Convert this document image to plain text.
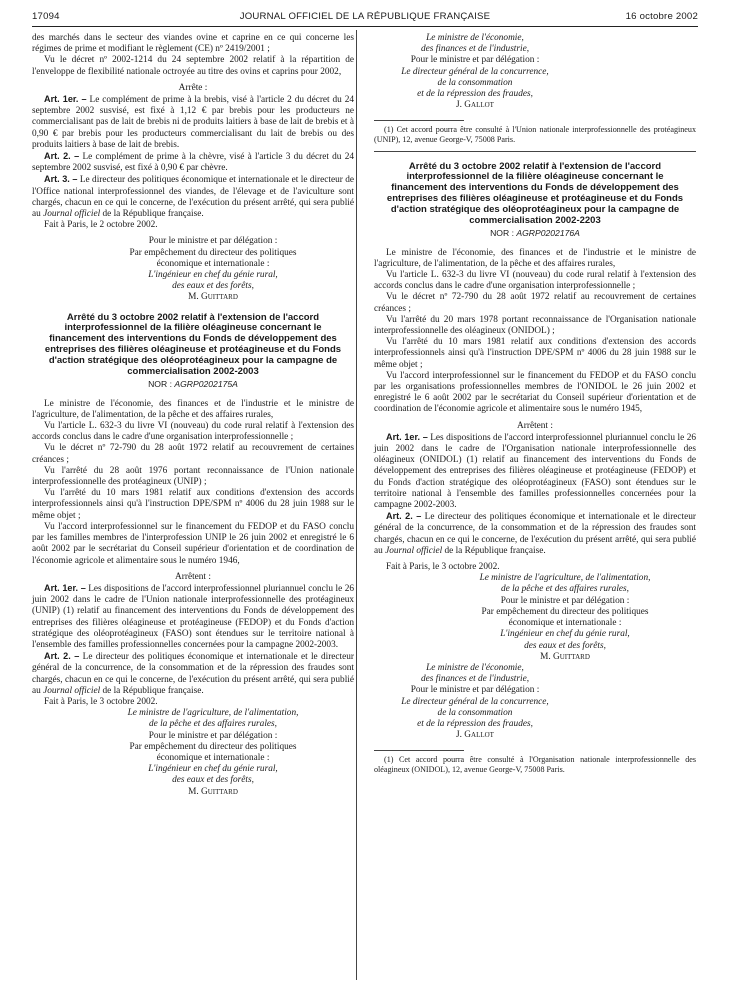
17094	JOURNAL OFFICIEL DE LA RÉPUBLIQUE FRANÇAISE	16 octobre 2002

des marchés dans le secteur des viandes ovine et caprine en ce qui concerne les régimes de prime et modifiant le règlement (CE) nº 2419/2001 ;

Vu le décret nº 2002-1214 du 24 septembre 2002 relatif à la répartition de l'enveloppe de flexibilité nationale octroyée au titre des ovins et caprins pour 2002,

Arrête :

Art. 1er. – Le complément de prime à la brebis, visé à l'article 2 du décret du 24 septembre 2002 susvisé, est fixé à 1,12 € par brebis pour les producteurs ne commercialisant pas de lait de brebis ni de produits laitiers à base de lait de brebis et à 0,90 € par brebis pour les producteurs commercialisant du lait de brebis ou des produits laitiers à base de lait de brebis.

Art. 2. – Le complément de prime à la chèvre, visé à l'article 3 du décret du 24 septembre 2002 susvisé, est fixé à 0,90 € par chèvre.

Art. 3. – Le directeur des politiques économique et internationale et le directeur de l'Office national interprofessionnel des viandes, de l'élevage et de l'aviculture sont chargés, chacun en ce qui le concerne, de l'exécution du présent arrêté, qui sera publié au Journal officiel de la République française.

Fait à Paris, le 2 octobre 2002.

Pour le ministre et par délégation :
Par empêchement du directeur des politiques
économique et internationale :
L'ingénieur en chef du génie rural,
des eaux et des forêts,
M. Guittard
Arrêté du 3 octobre 2002 relatif à l'extension de l'accord interprofessionnel de la filière oléagineuse concernant le financement des interventions du Fonds de développement des entreprises des filières oléagineuse et protéagineuse et du Fonds d'action stratégique des oléoprotéagineux pour la campagne de commercialisation 2002-2003
NOR : AGRP0202175A

Le ministre de l'économie, des finances et de l'industrie et le ministre de l'agriculture, de l'alimentation, de la pêche et des affaires rurales,

Vu l'article L. 632-3 du livre VI (nouveau) du code rural relatif à l'extension des accords conclus dans le cadre d'une organisation interprofessionnelle ;

Vu le décret nº 72-790 du 28 août 1972 relatif au recouvrement de certaines créances ;

Vu l'arrêté du 28 août 1976 portant reconnaissance de l'Union nationale interprofessionnelle des protéagineux (UNIP) ;

Vu l'arrêté du 10 mars 1981 relatif aux conditions d'extension des accords interprofessionnels ainsi qu'à l'instruction DPE/SPM nº 4006 du 28 juin 1988 sur le même objet ;

Vu l'accord interprofessionnel sur le financement du FEDOP et du FASO conclu par les familles membres de l'interprofession UNIP le 26 juin 2002 et enregistré le 6 août 2002 par le secrétariat du Conseil supérieur d'orientation et de coordination de l'économie agricole et alimentaire sous le numéro 1946,

Arrêtent :

Art. 1er. – Les dispositions de l'accord interprofessionnel pluriannuel conclu le 26 juin 2002 dans le cadre de l'Union nationale interprofessionnelle des protéagineux (UNIP) (1) relatif au financement des interventions du Fonds de développement des entreprises des filières oléagineuse et protéagineuse (FEDOP) et du Fonds d'action stratégique des oléoprotéagineux (FASO) sont étendues sur le territoire national à l'ensemble des familles professionnelles concernées pour la campagne 2002-2003.

Art. 2. – Le directeur des politiques économique et internationale et le directeur général de la concurrence, de la consommation et de la répression des fraudes sont chargés, chacun en ce qui le concerne, de l'exécution du présent arrêté, qui sera publié au Journal officiel de la République française.

Fait à Paris, le 3 octobre 2002.

Le ministre de l'agriculture, de l'alimentation,
de la pêche et des affaires rurales,
Pour le ministre et par délégation :
Par empêchement du directeur des politiques
économique et internationale :
L'ingénieur en chef du génie rural,
des eaux et des forêts,
M. Guittard
Le ministre de l'économie,
des finances et de l'industrie,
Pour le ministre et par délégation :
Le directeur général de la concurrence,
de la consommation
et de la répression des fraudes,
J. Gallot

(1) Cet accord pourra être consulté à l'Union nationale interprofessionnelle des protéagineux (UNIP), 12, avenue George-V, 75008 Paris.

Arrêté du 3 octobre 2002 relatif à l'extension de l'accord interprofessionnel de la filière oléagineuse concernant le financement des interventions du Fonds de développement des entreprises des filières oléagineuse et protéagineuse et du Fonds d'action stratégique des oléoprotéagineux pour la campagne de commercialisation 2002-2203
NOR : AGRP0202176A

Le ministre de l'économie, des finances et de l'industrie et le ministre de l'agriculture, de l'alimentation, de la pêche et des affaires rurales,

Vu l'article L. 632-3 du livre VI (nouveau) du code rural relatif à l'extension des accords conclus dans le cadre d'une organisation interprofessionnelle ;

Vu le décret nº 72-790 du 28 août 1972 relatif au recouvrement de certaines créances ;

Vu l'arrêté du 20 mars 1978 portant reconnaissance de l'Organisation nationale interprofessionnelle des oléagineux (ONIDOL) ;

Vu l'arrêté du 10 mars 1981 relatif aux conditions d'extension des accords interprofessionnels ainsi qu'à l'instruction DPE/SPM nº 4006 du 28 juin 1988 sur le même objet ;

Vu l'accord interprofessionnel sur le financement du FEDOP et du FASO conclu par les organisations professionnelles membres de l'ONIDOL le 26 juin 2002 et enregistré le 6 août 2002 par le secrétariat du Conseil supérieur d'orientation et de coordination de l'économie agricole et alimentaire sous le numéro 1945,

Arrêtent :

Art. 1er. – Les dispositions de l'accord interprofessionnel pluriannuel conclu le 26 juin 2002 dans le cadre de l'Organisation nationale interprofessionnelle des oléagineux (ONIDOL) (1) relatif au financement des interventions du Fonds de développement des entreprises des filières oléagineuse et protéagineuse (FEDOP) et du Fonds d'action stratégique des oléoprotéagineux (FASO) sont étendues sur le territoire national à l'ensemble des familles professionnelles concernées pour la campagne 2002-2003.

Art. 2. – Le directeur des politiques économique et internationale et le directeur général de la concurrence, de la consommation et de la répression des fraudes sont chargés, chacun en ce qui le concerne, de l'exécution du présent arrêté, qui sera publié au Journal officiel de la République française.

Fait à Paris, le 3 octobre 2002.

Le ministre de l'agriculture, de l'alimentation,
de la pêche et des affaires rurales,
Pour le ministre et par délégation :
Par empêchement du directeur des politiques
économique et internationale :
L'ingénieur en chef du génie rural,
des eaux et des forêts,
M. Guittard
Le ministre de l'économie,
des finances et de l'industrie,
Pour le ministre et par délégation :
Le directeur général de la concurrence,
de la consommation
et de la répression des fraudes,
J. Gallot

(1) Cet accord pourra être consulté à l'Organisation nationale interprofessionnelle des oléagineux (ONIDOL), 12, avenue George-V, 75008 Paris.
